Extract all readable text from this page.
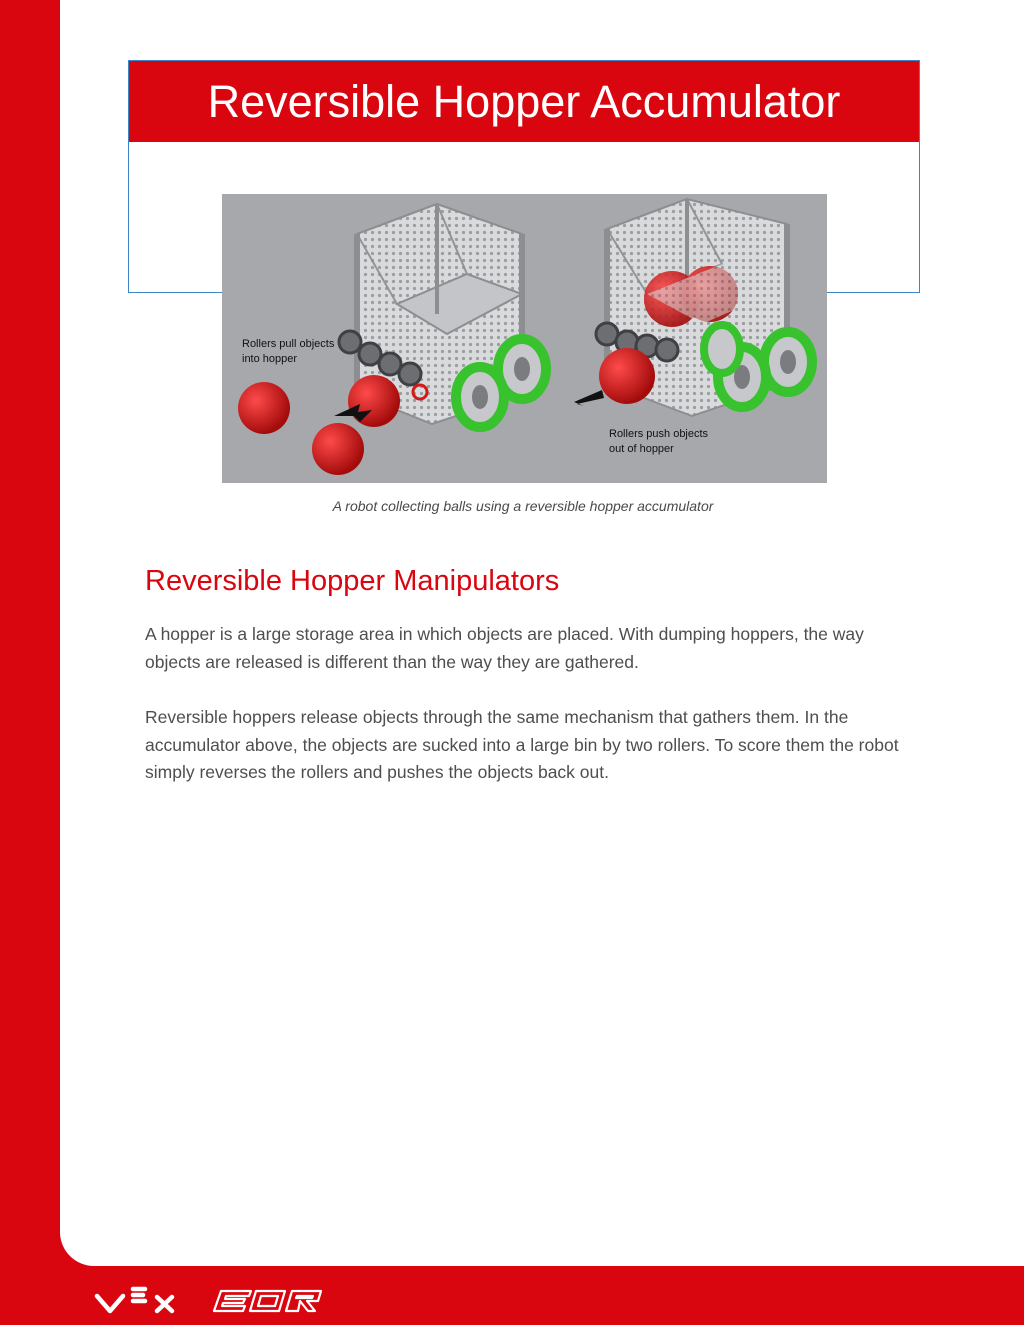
Reversible Hopper Accumulator
Rollers pull objects
into hopper
Rollers push objects
out of hopper
A robot collecting balls using a reversible hopper accumulator
Reversible Hopper Manipulators

A hopper is a large storage area in which objects are placed. With dumping hoppers, the way objects are released is different than the way they are gathered.

Reversible hoppers release objects through the same mechanism that gathers them. In the accumulator above, the objects are sucked into a large bin by two rollers. To score them the robot simply reverses the rollers and pushes the objects back out.
